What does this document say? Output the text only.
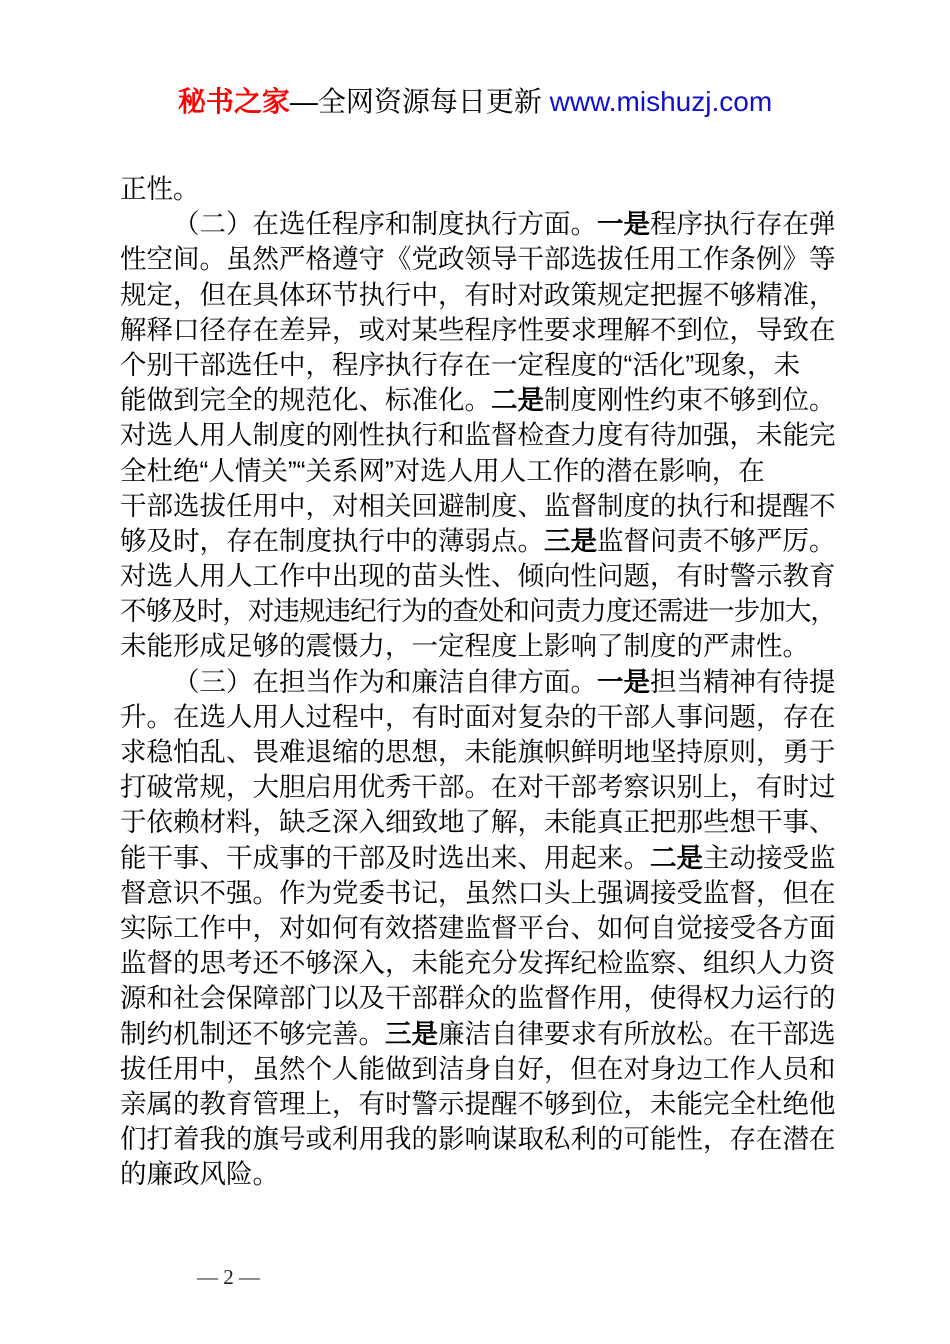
秘书之家—全网资源每日更新 www.mishuzj.com
正性。
（二）在选任程序和制度执行方面。一是程序执行存在弹
性空间。虽然严格遵守《党政领导干部选拔任用工作条例》等
规定，但在具体环节执行中，有时对政策规定把握不够精准，
解释口径存在差异，或对某些程序性要求理解不到位，导致在
个别干部选任中，程序执行存在一定程度的“活化”现象，未
能做到完全的规范化、标准化。二是制度刚性约束不够到位。
对选人用人制度的刚性执行和监督检查力度有待加强，未能完
全杜绝“人情关”“关系网”对选人用人工作的潜在影响，在
干部选拔任用中，对相关回避制度、监督制度的执行和提醒不
够及时，存在制度执行中的薄弱点。三是监督问责不够严厉。
对选人用人工作中出现的苗头性、倾向性问题，有时警示教育
不够及时，对违规违纪行为的查处和问责力度还需进一步加大，
未能形成足够的震慑力，一定程度上影响了制度的严肃性。
（三）在担当作为和廉洁自律方面。一是担当精神有待提
升。在选人用人过程中，有时面对复杂的干部人事问题，存在
求稳怕乱、畏难退缩的思想，未能旗帜鲜明地坚持原则，勇于
打破常规，大胆启用优秀干部。在对干部考察识别上，有时过
于依赖材料，缺乏深入细致地了解，未能真正把那些想干事、
能干事、干成事的干部及时选出来、用起来。二是主动接受监
督意识不强。作为党委书记，虽然口头上强调接受监督，但在
实际工作中，对如何有效搭建监督平台、如何自觉接受各方面
监督的思考还不够深入，未能充分发挥纪检监察、组织人力资
源和社会保障部门以及干部群众的监督作用，使得权力运行的
制约机制还不够完善。三是廉洁自律要求有所放松。在干部选
拔任用中，虽然个人能做到洁身自好，但在对身边工作人员和
亲属的教育管理上，有时警示提醒不够到位，未能完全杜绝他
们打着我的旗号或利用我的影响谋取私利的可能性，存在潜在
的廉政风险。

— 2 —
